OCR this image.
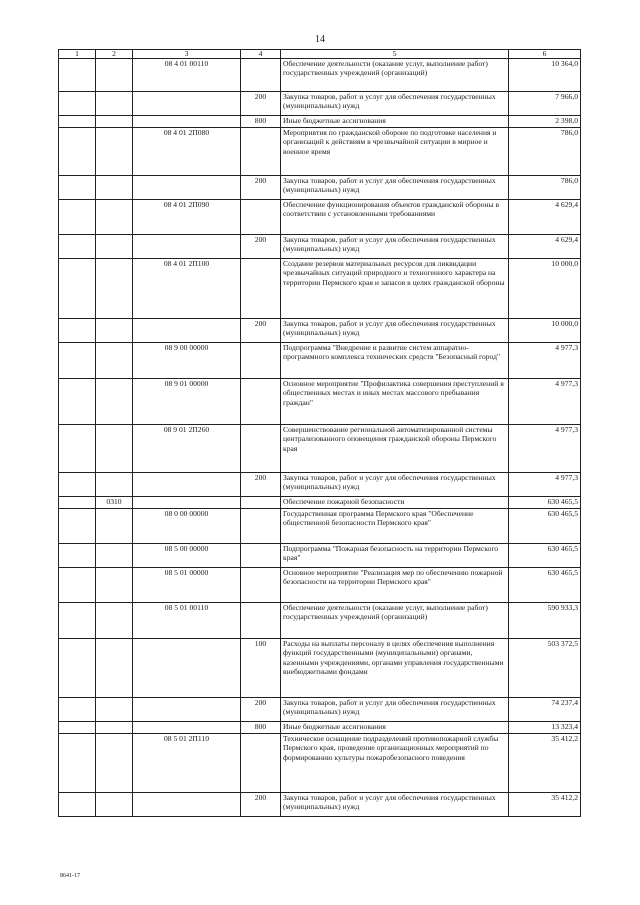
14
1	2	3	4	5	6
		08 4 01 00110		Обеспечение деятельности (оказание услуг, выполнение работ) государственных учреждений (организаций)	10 364,0
			200	Закупка товаров, работ и услуг для обеспечения государственных (муниципальных) нужд	7 966,0
			800	Иные бюджетные ассигнования	2 398,0
		08 4 01 2П080		Мероприятия по гражданской обороне по подготовке населения и организаций к действиям в чрезвычайной ситуации в мирное и военное время	786,0
			200	Закупка товаров, работ и услуг для обеспечения государственных (муниципальных) нужд	786,0
		08 4 01 2П090		Обеспечение функционирования объектов гражданской обороны в соответствии с установленными требованиями	4 629,4
			200	Закупка товаров, работ и услуг для обеспечения государственных (муниципальных) нужд	4 629,4
		08 4 01 2П100		Создание резервов материальных ресурсов для ликвидации чрезвычайных ситуаций природного и техногенного характера на территории Пермского края и запасов в целях гражданской обороны	10 000,0
			200	Закупка товаров, работ и услуг для обеспечения государственных (муниципальных) нужд	10 000,0
		08 9 00 00000		Подпрограмма "Внедрение и развитие систем аппаратно-программного комплекса технических средств "Безопасный город"	4 977,3
		08 9 01 00000		Основное мероприятие "Профилактика совершения преступлений в общественных местах и иных местах массового пребывания граждан"	4 977,3
		08 9 01 2П260		Совершенствование региональной автоматизированной системы централизованного оповещения гражданской обороны Пермского края	4 977,3
			200	Закупка товаров, работ и услуг для обеспечения государственных (муниципальных) нужд	4 977,3
	0310			Обеспечение пожарной безопасности	630 465,5
		08 0 00 00000		Государственная программа Пермского края "Обеспечение общественной безопасности Пермского края"	630 465,5
		08 5 00 00000		Подпрограмма "Пожарная безопасность на территории Пермского края"	630 465,5
		08 5 01 00000		Основное мероприятие "Реализация мер по обеспечению пожарной безопасности на территории Пермского края"	630 465,5
		08 5 01 00110		Обеспечение деятельности (оказание услуг, выполнение работ) государственных учреждений (организаций)	590 933,3
			100	Расходы на выплаты персоналу в целях обеспечения выполнения функций государственными (муниципальными) органами, казенными учреждениями, органами управления государственными внебюджетными фондами	503 372,5
			200	Закупка товаров, работ и услуг для обеспечения государственных (муниципальных) нужд	74 237,4
			800	Иные бюджетные ассигнования	13 323,4
		08 5 01 2П110		Техническое оснащение подразделений противопожарной службы Пермского края, проведение организационных мероприятий по формированию культуры пожаробезопасного поведения	35 412,2
			200	Закупка товаров, работ и услуг для обеспечения государственных (муниципальных) нужд	35 412,2
8641-17
